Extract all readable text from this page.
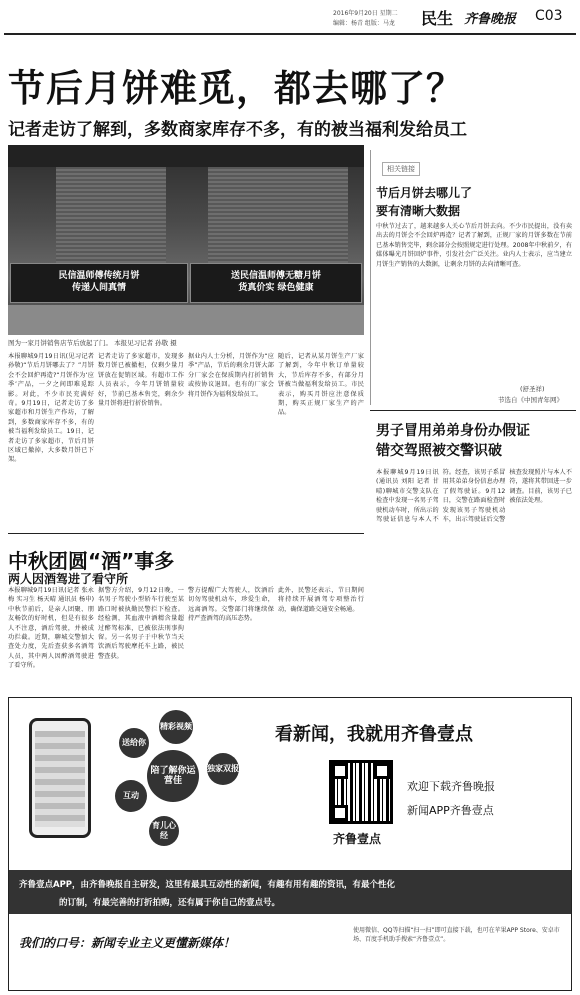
2016年9月20日 星期二
编辑：杨青 组版：马龙 民生 齐鲁晚报 C03
节后月饼难觅，都去哪了？
记者走访了解到，多数商家库存不多，有的被当福利发给员工
民信温师傅传统月饼
传递人间真情
送民信温师傅无糖月饼
货真价实 绿色健康
图为一家月饼销售店节后放起了门。 本报见习记者 孙敬 摄
本报聊城9月19日讯(见习记者 孙敬)“节后月饼哪去了？”月饼会不会回炉再造?“月饼作为‘应季’产品，一夕之间即难觅踪影。对此，不少市民充满好奇。9月19日，记者走访了多家超市和月饼生产作坊，了解到，多数商家库存不多，有的被当福利发给员工。19日，记者走访了多家超市，节后月饼区域已撤掉，大多数月饼已下架。
记者走访了多家超市，发现多数月饼已被撤柜，仅剩少量月饼放在促销区域。有超市工作人员表示，今年月饼销量较好，节前已基本售完，剩余少量月饼将进行折价销售。
据业内人士分析，月饼作为“应季”产品，节后的剩余月饼大部分厂家会在保质期内打折销售或按协议退回。也有的厂家会将月饼作为福利发给员工。
随后，记者从某月饼生产厂家了解到，今年中秋订单量较大，节后库存不多，有部分月饼被当做福利发给员工。市民表示，购买月饼应注意保质期，购买正规厂家生产的产品。
相关链接
节后月饼去哪儿了
要有清晰大数据
中秋节过去了，越来越多人关心节后月饼去向。不少市民提出，没有卖出去的月饼会不会回炉再造？记者了解到，正规厂家的月饼多数在节前已基本销售完毕，剩余部分会按照规定进行处理。2008年中秋前夕，有媒体曝光月饼回炉事件，引发社会广泛关注。业内人士表示，应当建立月饼生产销售的大数据，让剩余月饼的去向清晰可查。
(舒圣祥)
节选自《中国青年网》
男子冒用弟弟身份办假证
错交驾照被交警识破
本报聊城9月19日讯(通讯员 刘阳 记者 甘 晴)聊城市交警支队在检查中发现一名男子驾驶机动车时，所出示的驾驶证信息与本人不符。经查，该男子系冒用其弟弟身份信息办理了假驾驶证。9月12日，交警在路面检查时发现该男子驾驶机动车，出示驾驶证后交警核查发现照片与本人不符，遂将其带回进一步调查。目前，该男子已被依法处理。
中秋团圆“酒”事多
两人因酒驾进了看守所
本报聊城9月19日讯(记者 张永梅 实习生 杨天晴 通讯员 杨申)中秋节前后，是亲人团聚、朋友畅饮的好时机，但是有很多人不注意，酒后驾驶，并被成功拦截。近期，聊城交警加大查处力度，先后查获多名酒驾人员，其中两人因醉酒驾驶进了看守所。
据警方介绍，9月12日晚，一名男子驾驶小型轿车行驶至某路口时被执勤民警拦下检查。经检测，其血液中酒精含量超过醉驾标准，已被依法刑事拘留。另一名男子于中秋节当天饮酒后驾驶摩托车上路，被民警查获。
警方提醒广大驾驶人，饮酒后切勿驾驶机动车，珍爱生命，远离酒驾。交警部门将继续保持严查酒驾的高压态势。
此外，民警还表示，节日期间将持续开展酒驾专项整治行动，确保道路交通安全畅通。
送给你
精彩视频
独家双报
陪了解你运营佳
互动
育儿心经
看新闻，我就用齐鲁壹点
齐鲁壹点
欢迎下载齐鲁晚报
新闻APP齐鲁壹点
齐鲁壹点APP，由齐鲁晚报自主研发，这里有最具互动性的新闻，有趣有用有趣的资讯，有最个性化
的订制，有最完善的打折拍购，还有属于你自己的壹点号。
我们的口号：新闻专业主义更懂新媒体！
使用微信、QQ等扫描“扫一扫”即可直接下载，也可在苹果APP Store、安卓市场、百度手机助手搜索“齐鲁壹点”。
